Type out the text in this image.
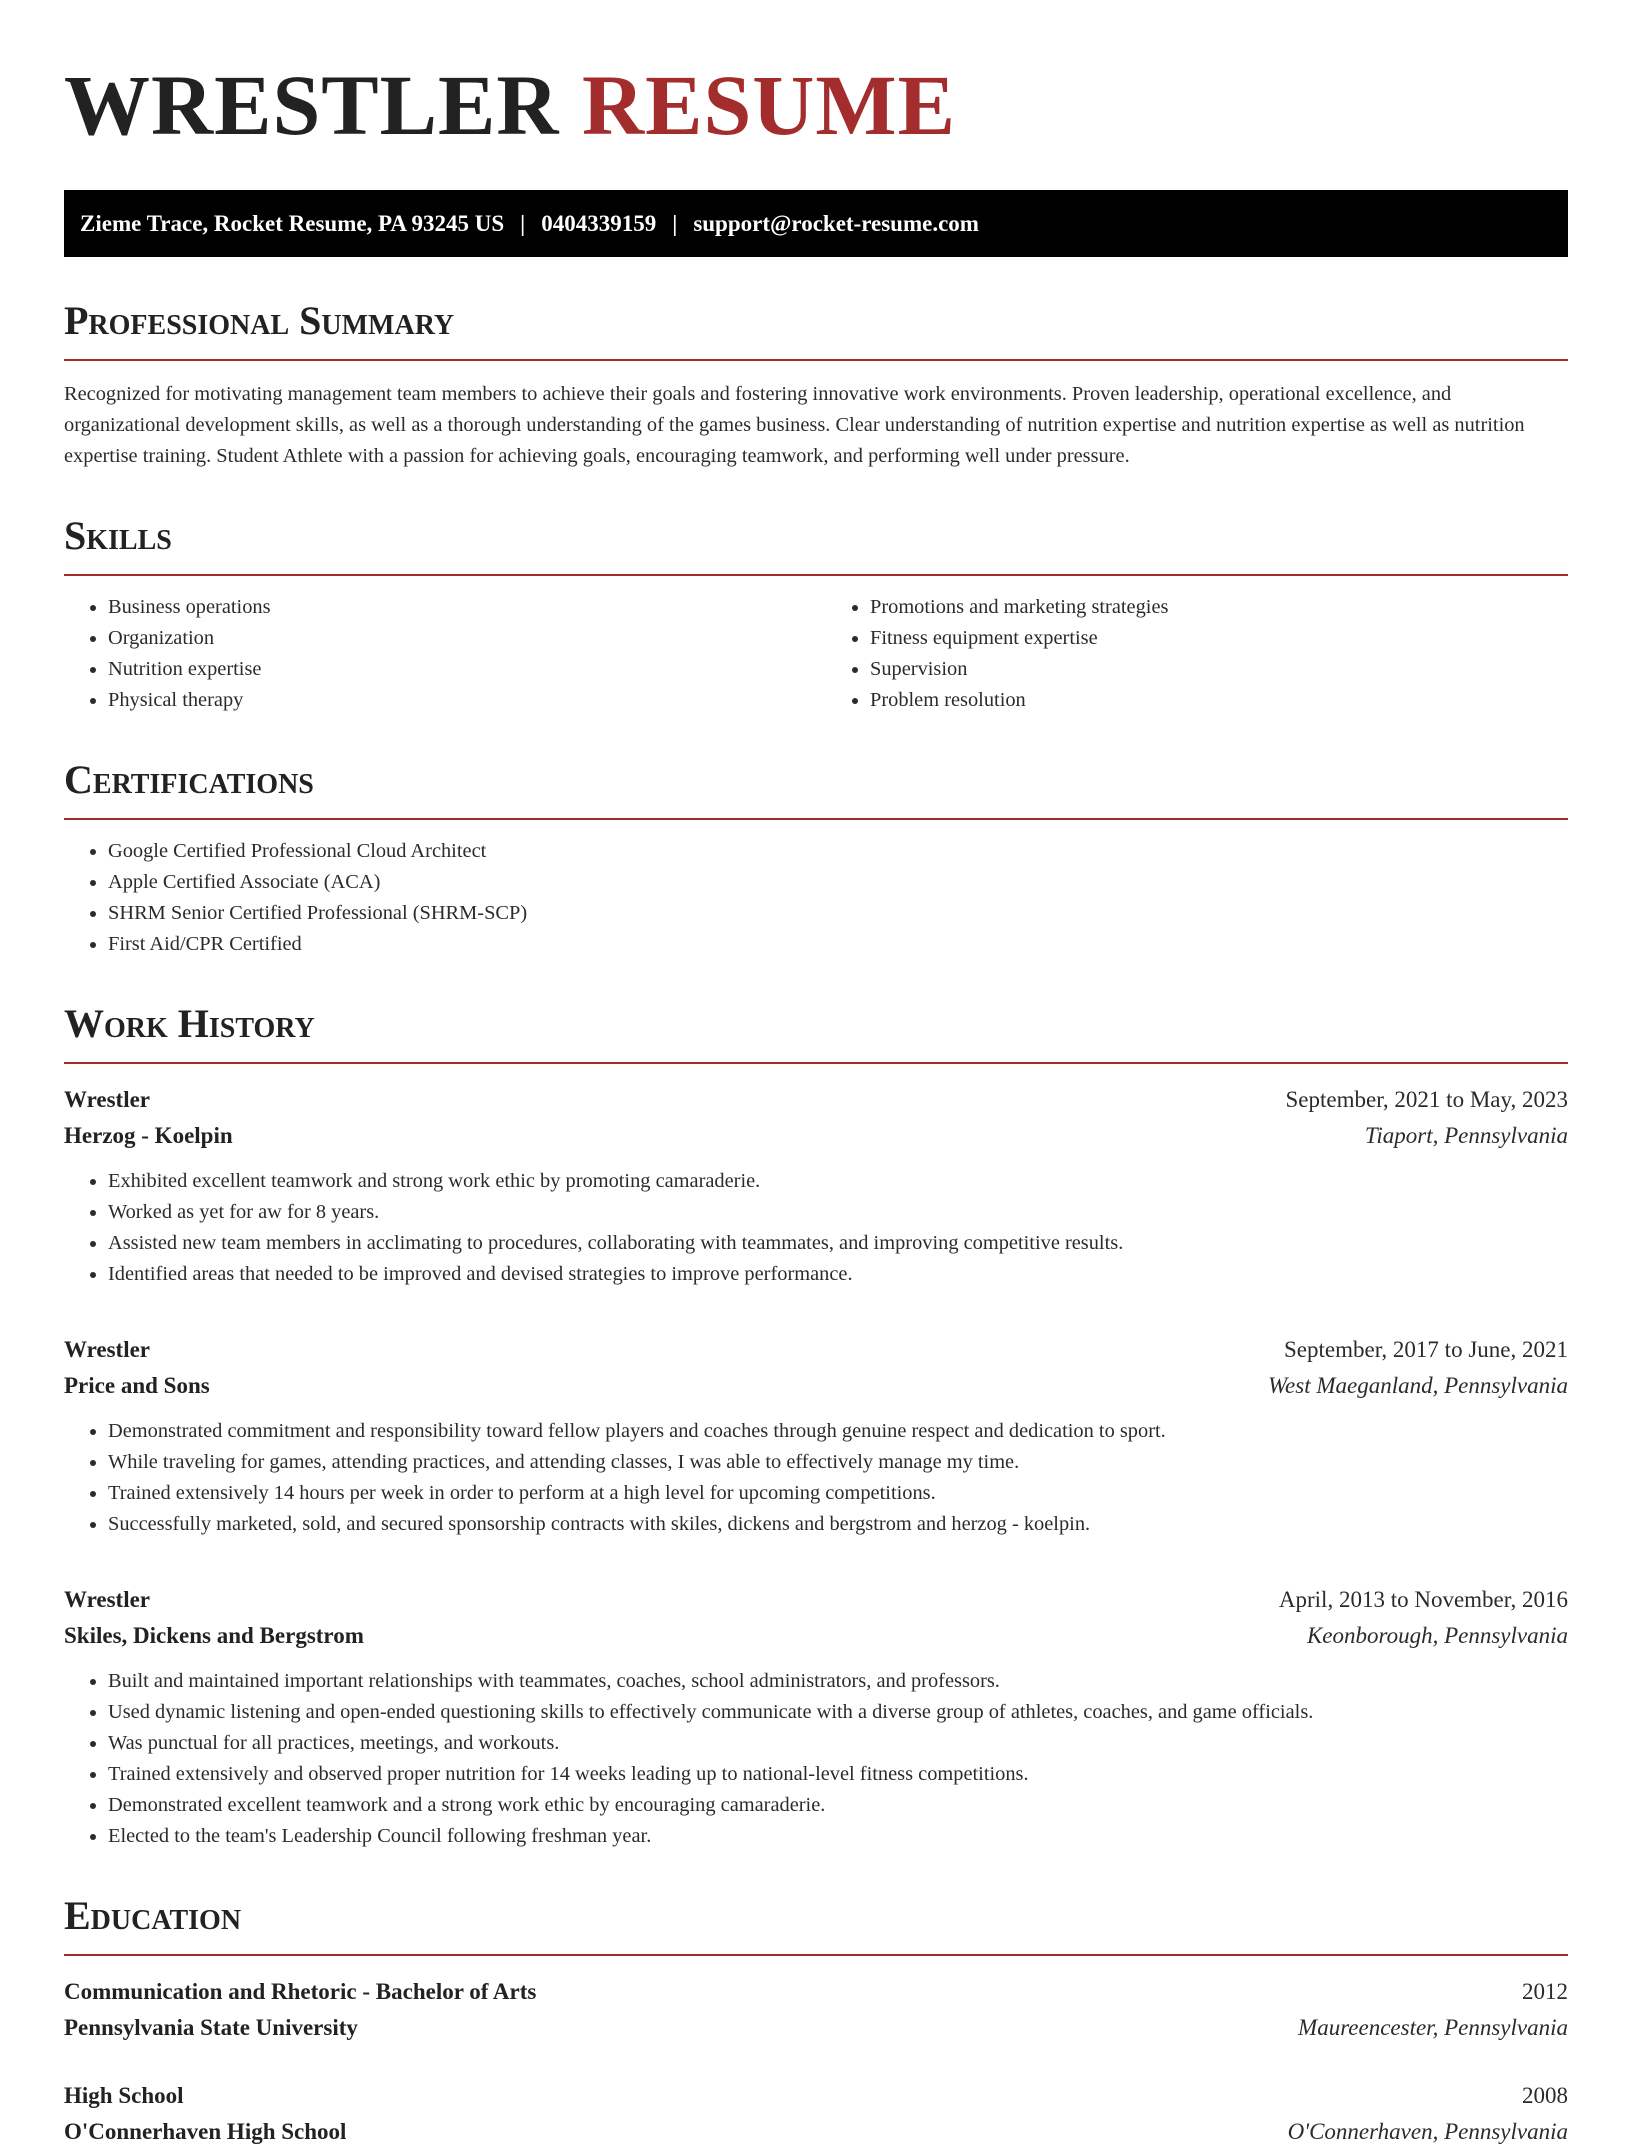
WRESTLER RESUME
Zieme Trace, Rocket Resume, PA 93245 US | 0404339159 | support@rocket-resume.com
Professional Summary

Recognized for motivating management team members to achieve their goals and fostering innovative work environments. Proven leadership, operational excellence, and organizational development skills, as well as a thorough understanding of the games business. Clear understanding of nutrition expertise and nutrition expertise as well as nutrition expertise training. Student Athlete with a passion for achieving goals, encouraging teamwork, and performing well under pressure.

Skills
• Business operations
• Organization
• Nutrition expertise
• Physical therapy
• Promotions and marketing strategies
• Fitness equipment expertise
• Supervision
• Problem resolution
Certifications
• Google Certified Professional Cloud Architect
• Apple Certified Associate (ACA)
• SHRM Senior Certified Professional (SHRM-SCP)
• First Aid/CPR Certified
Work History
Wrestler	September, 2021 to May, 2023
Herzog - Koelpin	Tiaport, Pennsylvania
• Exhibited excellent teamwork and strong work ethic by promoting camaraderie.
• Worked as yet for aw for 8 years.
• Assisted new team members in acclimating to procedures, collaborating with teammates, and improving competitive results.
• Identified areas that needed to be improved and devised strategies to improve performance.
Wrestler	September, 2017 to June, 2021
Price and Sons	West Maeganland, Pennsylvania
• Demonstrated commitment and responsibility toward fellow players and coaches through genuine respect and dedication to sport.
• While traveling for games, attending practices, and attending classes, I was able to effectively manage my time.
• Trained extensively 14 hours per week in order to perform at a high level for upcoming competitions.
• Successfully marketed, sold, and secured sponsorship contracts with skiles, dickens and bergstrom and herzog - koelpin.
Wrestler	April, 2013 to November, 2016
Skiles, Dickens and Bergstrom	Keonborough, Pennsylvania
• Built and maintained important relationships with teammates, coaches, school administrators, and professors.
• Used dynamic listening and open-ended questioning skills to effectively communicate with a diverse group of athletes, coaches, and game officials.
• Was punctual for all practices, meetings, and workouts.
• Trained extensively and observed proper nutrition for 14 weeks leading up to national-level fitness competitions.
• Demonstrated excellent teamwork and a strong work ethic by encouraging camaraderie.
• Elected to the team's Leadership Council following freshman year.
Education
Communication and Rhetoric - Bachelor of Arts	2012
Pennsylvania State University	Maureencester, Pennsylvania
High School	2008
O'Connerhaven High School	O'Connerhaven, Pennsylvania
